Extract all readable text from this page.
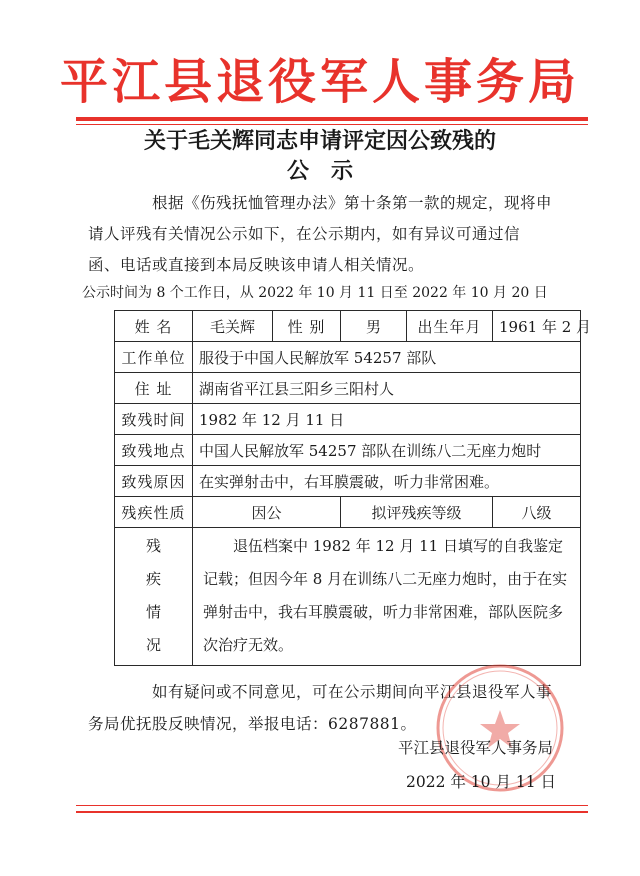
平江县退役军人事务局
关于毛关辉同志申请评定因公致残的
公　示

根据《伤残抚恤管理办法》第十条第一款的规定，现将申

请人评残有关情况公示如下，在公示期内，如有异议可通过信

函、电话或直接到本局反映该申请人相关情况。

公示时间为 8 个工作日，从 2022 年 10 月 11 日至 2022 年 10 月 20 日
姓 名	毛关辉	性 别	男	出生年月	1961 年 2 月
工作单位	服役于中国人民解放军 54257 部队				
住 址	湖南省平江县三阳乡三阳村人				
致残时间	1982 年 12 月 11 日				
致残地点	中国人民解放军 54257 部队在训练八二无座力炮时				
致残原因	在实弹射击中，右耳膜震破，听力非常困难。				
残疾性质	因公		拟评残疾等级		八级

残
疾
情
况	退伍档案中 1982 年 12 月 11 日填写的自我鉴定记载；但因今年 8 月在训练八二无座力炮时，由于在实弹射击中，我右耳膜震破，听力非常困难，部队医院多次治疗无效。				

如有疑问或不同意见，可在公示期间向平江县退役军人事

务局优抚股反映情况，举报电话：6287881。

平江县退役军人事务局
2022 年 10 月 11 日
